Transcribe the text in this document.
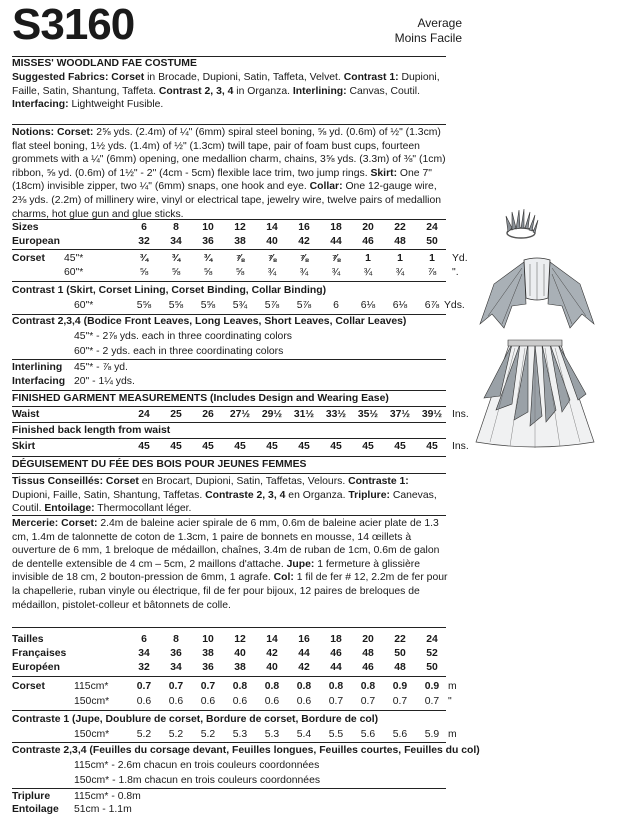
S3160	Average
Moins Facile
MISSES' WOODLAND FAE COSTUME
Suggested Fabrics: Corset in Brocade, Dupioni, Satin, Taffeta, Velvet. Contrast 1: Dupioni, Faille, Satin, Shantung, Taffeta. Contrast 2, 3, 4 in Organza. Interlining: Canvas, Coutil. Interfacing: Lightweight Fusible.
Notions: Corset: 2⅝ yds. (2.4m) of ¼" (6mm) spiral steel boning, ⅝ yd. (0.6m) of ½" (1.3cm) flat steel boning, 1½ yds. (1.4m) of ½" (1.3cm) twill tape, pair of foam bust cups, fourteen grommets with a ¼" (6mm) opening, one medallion charm, chains, 3⅝ yds. (3.3m) of ⅜" (1cm) ribbon, ⅝ yd. (0.6m) of 1½" - 2" (4cm - 5cm) flexible lace trim, two jump rings. Skirt: One 7" (18cm) invisible zipper, two ¼" (6mm) snaps, one hook and eye. Collar: One 12-gauge wire, 2⅜ yds. (2.2m) of millinery wire, vinyl or electrical tape, jewelry wire, twelve pairs of medallion charms, hot glue gun and glue sticks.
Sizes	6	8	10	12	14	16	18	20	22	24
European	32	34	36	38	40	42	44	46	48	50
Corset 45"*	¾	¾	¾	⅞	⅞	⅞	⅞	1	1	1	Yd.
60"*	⅝	⅝	⅝	⅝	¾	¾	¾	¾	¾	⅞	".
Contrast 1 (Skirt, Corset Lining, Corset Binding, Collar Binding)
60"*	5⅝	5⅝	5⅝	5¾	5⅞	5⅞	6	6⅛	6⅛	6⅞ Yds.
Contrast 2,3,4 (Bodice Front Leaves, Long Leaves, Short Leaves, Collar Leaves)
45"* - 2⅞ yds. each in three coordinating colors
60"* - 2 yds. each in three coordinating colors
Interlining 45"* - ⅞ yd.
Interfacing 20" - 1¼ yds.
FINISHED GARMENT MEASUREMENTS (Includes Design and Wearing Ease)
Waist	24	25	26	27½	29½	31½	33½	35½	37½	39½ Ins.
Finished back length from waist
Skirt	45	45	45	45	45	45	45	45	45	45	Ins.
DÉGUISEMENT DU FÉE DES BOIS POUR JEUNES FEMMES
Tissus Conseillés: Corset en Brocart, Dupioni, Satin, Taffetas, Velours. Contraste 1: Dupioni, Faille, Satin, Shantung, Taffetas. Contraste 2, 3, 4 en Organza. Triplure: Canevas, Coutil. Entoilage: Thermocollant léger.
Mercerie: Corset: 2.4m de baleine acier spirale de 6 mm, 0.6m de baleine acier plate de 1.3 cm, 1.4m de talonnette de coton de 1.3cm, 1 paire de bonnets en mousse, 14 œillets à ouverture de 6 mm, 1 breloque de médaillon, chaînes, 3.4m de ruban de 1cm, 0.6m de galon de dentelle extensible de 4 cm – 5cm, 2 maillons d'attache. Jupe: 1 fermeture à glissière invisible de 18 cm, 2 bouton-pression de 6mm, 1 agrafe. Col: 1 fil de fer # 12, 2.2m de fer pour la chapellerie, ruban vinyle ou électrique, fil de fer pour bijoux, 12 paires de breloques de médaillon, pistolet-colleur et bâtonnets de colle.
Tailles	6	8	10	12	14	16	18	20	22	24
Françaises	34	36	38	40	42	44	46	48	50	52
Européen	32	34	36	38	40	42	44	46	48	50
Corset	115cm*	0.7	0.7	0.7	0.8	0.8	0.8	0.8	0.8	0.9	0.9 m
150cm*	0.6	0.6	0.6	0.6	0.6	0.6	0.7	0.7	0.7	0.7 "
Contraste 1 (Jupe, Doublure de corset, Bordure de corset, Bordure de col)
150cm*	5.2	5.2	5.2	5.3	5.3	5.4	5.5	5.6	5.6	5.9 m
Contraste 2,3,4 (Feuilles du corsage devant, Feuilles longues, Feuilles courtes, Feuilles du col)
115cm* - 2.6m chacun en trois couleurs coordonnées
150cm* - 1.8m chacun en trois couleurs coordonnées
Triplure 115cm* - 0.8m
Entoilage 51cm - 1.1m
